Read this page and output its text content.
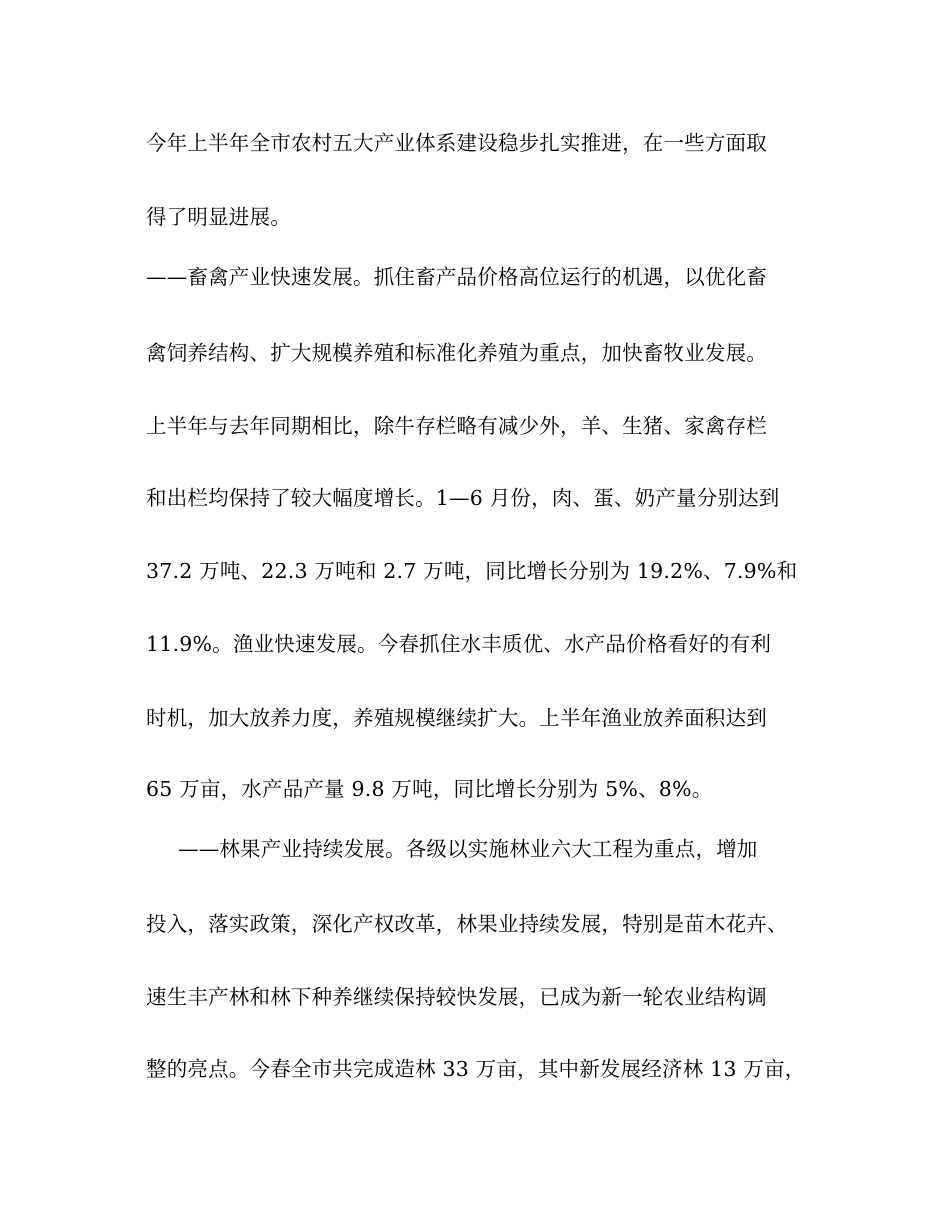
今年上半年全市农村五大产业体系建设稳步扎实推进，在一些方面取
得了明显进展。
——畜禽产业快速发展。抓住畜产品价格高位运行的机遇，以优化畜
禽饲养结构、扩大规模养殖和标准化养殖为重点，加快畜牧业发展。
上半年与去年同期相比，除牛存栏略有减少外，羊、生猪、家禽存栏
和出栏均保持了较大幅度增长。1—6 月份，肉、蛋、奶产量分别达到
37.2 万吨、22.3 万吨和 2.7 万吨，同比增长分别为 19.2%、7.9%和
11.9%。渔业快速发展。今春抓住水丰质优、水产品价格看好的有利
时机，加大放养力度，养殖规模继续扩大。上半年渔业放养面积达到
65 万亩，水产品产量 9.8 万吨，同比增长分别为 5%、8%。
——林果产业持续发展。各级以实施林业六大工程为重点，增加
投入，落实政策，深化产权改革，林果业持续发展，特别是苗木花卉、
速生丰产林和林下种养继续保持较快发展，已成为新一轮农业结构调
整的亮点。今春全市共完成造林 33 万亩，其中新发展经济林 13 万亩，
